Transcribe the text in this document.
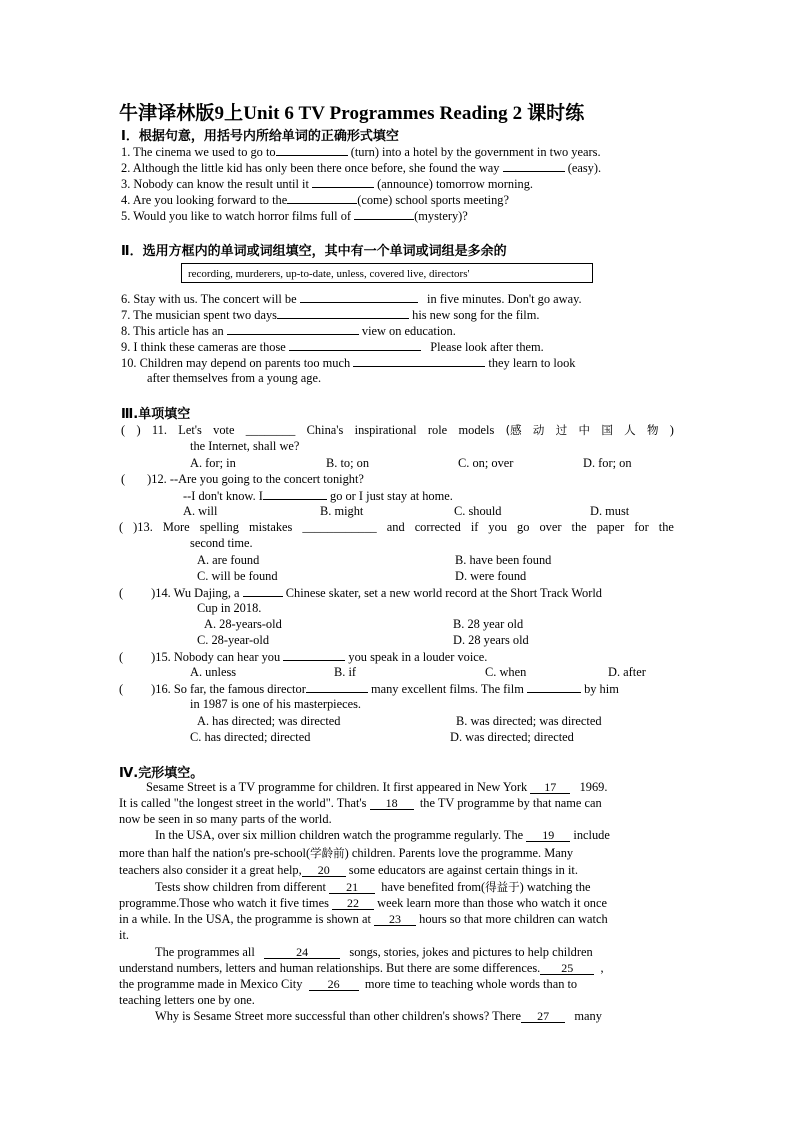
牛津译林版9上Unit 6 TV Programmes Reading 2 课时练
Ⅰ．根据句意，用括号内所给单词的正确形式填空
1. The cinema we used to go to	(turn) into a hotel by the government in two years.
2. Although the little kid has only been there once before, she found the way	(easy).
3. Nobody can know the result until it	(announce) tomorrow morning.
4. Are you looking forward to the	(come) school sports meeting?
5. Would you like to watch horror films full of	(mystery)?
Ⅱ．选用方框内的单词或词组填空，其中有一个单词或词组是多余的
recording, murderers, up-to-date, unless, covered live, directors'
6. Stay with us. The concert will be	in five minutes. Don't go away.
7. The musician spent two days	his new song for the film.
8. This article has an	view on education.
9. I think these cameras are those	Please look after them.
10. Children may depend on parents too much	they learn to look
after themselves from a young age.
Ⅲ.单项填空
( ) 11. Let's vote ________ China's inspirational role models (感 动 过 中 国 人 物 )
the Internet, shall we?
A. for; in	B. to; on	C. on; over	D. for; on
( )12. --Are you going to the concert tonight?
--I don't know. I	go or I just stay at home.
A. will	B. might	C. should	D. must
( )13. More spelling mistakes ____________ and corrected if you go over the paper for the
second time.
A. are found	B. have been found
C. will be found	D. were found
( )14. Wu Dajing, a	Chinese skater, set a new world record at the Short Track World
Cup in 2018.
A. 28-years-old	B. 28 year old
C. 28-year-old	D. 28 years old
( )15. Nobody can hear you	you speak in a louder voice.
A. unless	B. if	C. when	D. after
( )16. So far, the famous director	many excellent films. The film	by him
in 1987 is one of his masterpieces.
A. has directed; was directed	B. was directed; was directed
C. has directed; directed	D. was directed; directed
Ⅳ.完形填空。
Sesame Street is a TV programme for children. It first appeared in New York 17 1969.
It is called "the longest street in the world". That's 18 the TV programme by that name can
now be seen in so many parts of the world.
In the USA, over six million children watch the programme regularly. The 19 include
more than half the nation's pre-school(学龄前) children. Parents love the programme. Many
teachers also consider it a great help, 20 some educators are against certain things in it.
Tests show children from different 21 have benefited from(得益于) watching the
programme.Those who watch it five times 22 week learn more than those who watch it once
in a while. In the USA, the programme is shown at 23 hours so that more children can watch
it.
The programmes all	24	songs, stories, jokes and pictures to help children
understand numbers, letters and human relationships. But there are some differences. 25 ,
the programme made in Mexico City 26 more time to teaching whole words than to
teaching letters one by one.
Why is Sesame Street more successful than other children's shows? There 27 many
